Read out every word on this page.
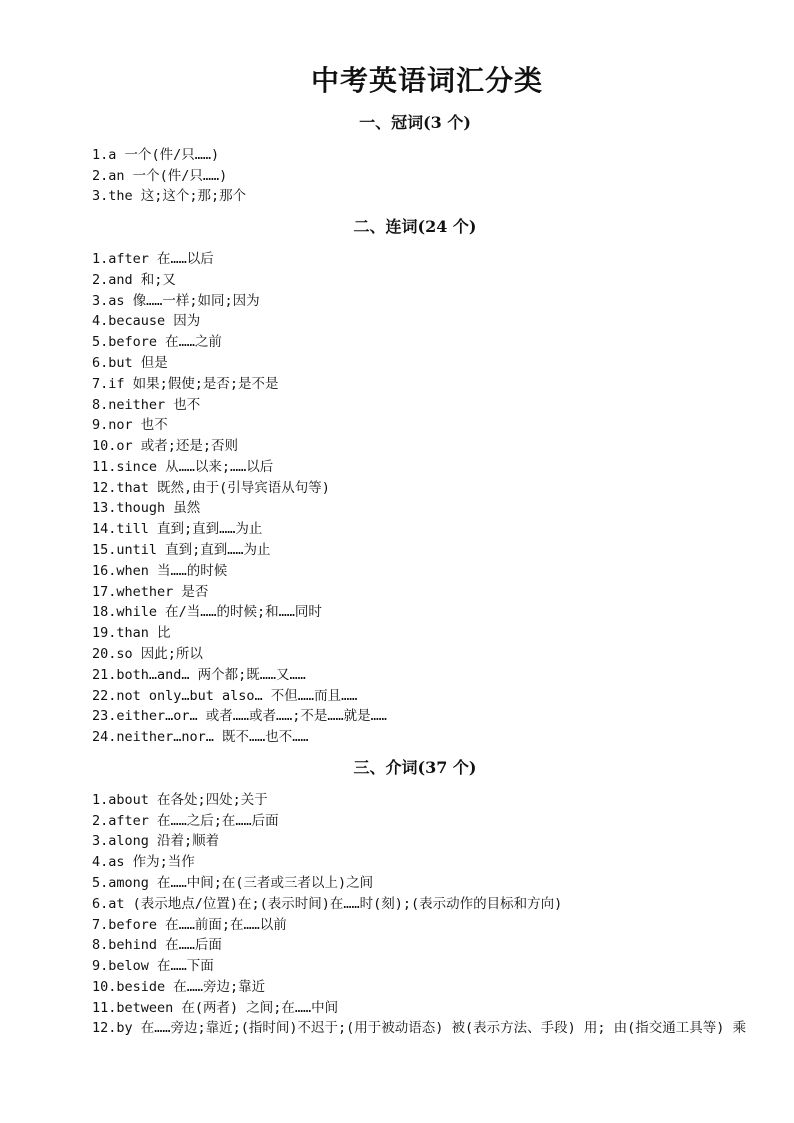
中考英语词汇分类
一、冠词(3 个)
1.a 一个(件/只……)
2.an 一个(件/只……)
3.the 这;这个;那;那个
二、连词(24 个)
1.after 在……以后
2.and 和;又
3.as 像……一样;如同;因为
4.because 因为
5.before 在……之前
6.but 但是
7.if 如果;假使;是否;是不是
8.neither 也不
9.nor 也不
10.or 或者;还是;否则
11.since 从……以来;……以后
12.that 既然,由于(引导宾语从句等)
13.though 虽然
14.till 直到;直到……为止
15.until 直到;直到……为止
16.when 当……的时候
17.whether 是否
18.while 在/当……的时候;和……同时
19.than 比
20.so 因此;所以
21.both…and… 两个都;既……又……
22.not only…but also… 不但……而且……
23.either…or… 或者……或者……;不是……就是……
24.neither…nor… 既不……也不……
三、介词(37 个)
1.about 在各处;四处;关于
2.after 在……之后;在……后面
3.along 沿着;顺着
4.as 作为;当作
5.among 在……中间;在(三者或三者以上)之间
6.at (表示地点/位置)在;(表示时间)在……时(刻);(表示动作的目标和方向)
7.before 在……前面;在……以前
8.behind 在……后面
9.below 在……下面
10.beside 在……旁边;靠近
11.between 在(两者) 之间;在……中间
12.by 在……旁边;靠近;(指时间)不迟于;(用于被动语态) 被(表示方法、手段) 用; 由(指交通工具等) 乘
